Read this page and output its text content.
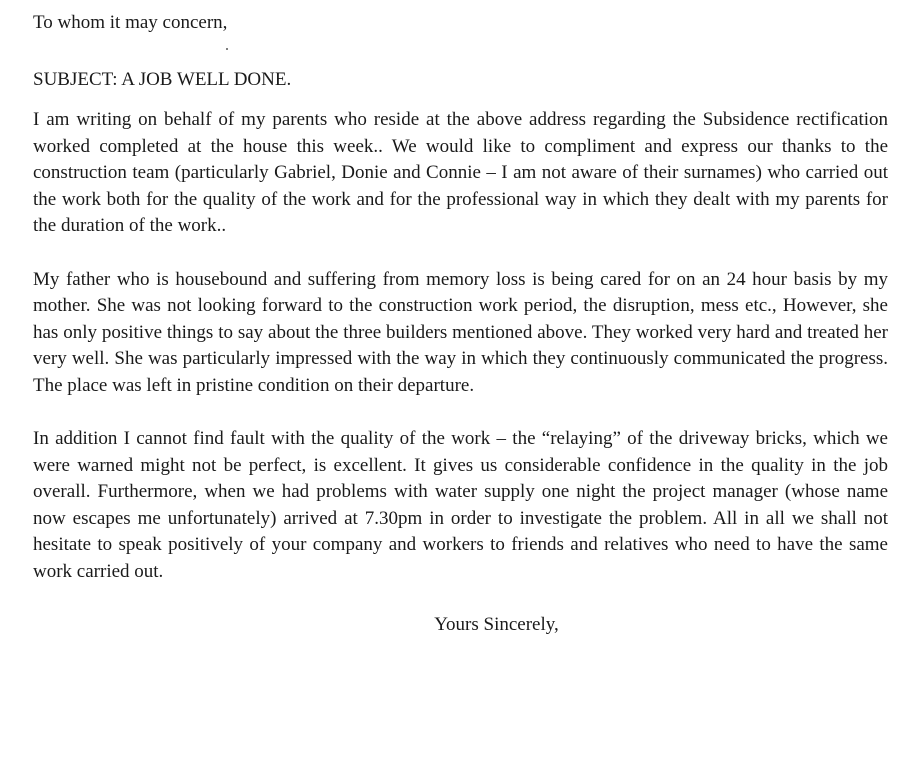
To whom it may concern,

SUBJECT: A JOB WELL DONE.

I am writing on behalf of my parents who reside at the above address regarding the Subsidence rectification worked completed at the house this week.. We would like to compliment and express our thanks to the construction team (particularly Gabriel, Donie and Connie – I am not aware of their surnames) who carried out the work both for the quality of the work and for the professional way in which they dealt with my parents for the duration of the work..

My father who is housebound and suffering from memory loss is being cared for on an 24 hour basis by my mother. She was not looking forward to the construction work period, the disruption, mess etc., However, she has only positive things to say about the three builders mentioned above. They worked very hard and treated her very well. She was particularly impressed with the way in which they continuously communicated the progress. The place was left in pristine condition on their departure.

In addition I cannot find fault with the quality of the work – the “relaying” of the driveway bricks, which we were warned might not be perfect, is excellent. It gives us considerable confidence in the quality in the job overall. Furthermore, when we had problems with water supply one night the project manager (whose name now escapes me unfortunately) arrived at 7.30pm in order to investigate the problem. All in all we shall not hesitate to speak positively of your company and workers to friends and relatives who need to have the same work carried out.

Yours Sincerely,
